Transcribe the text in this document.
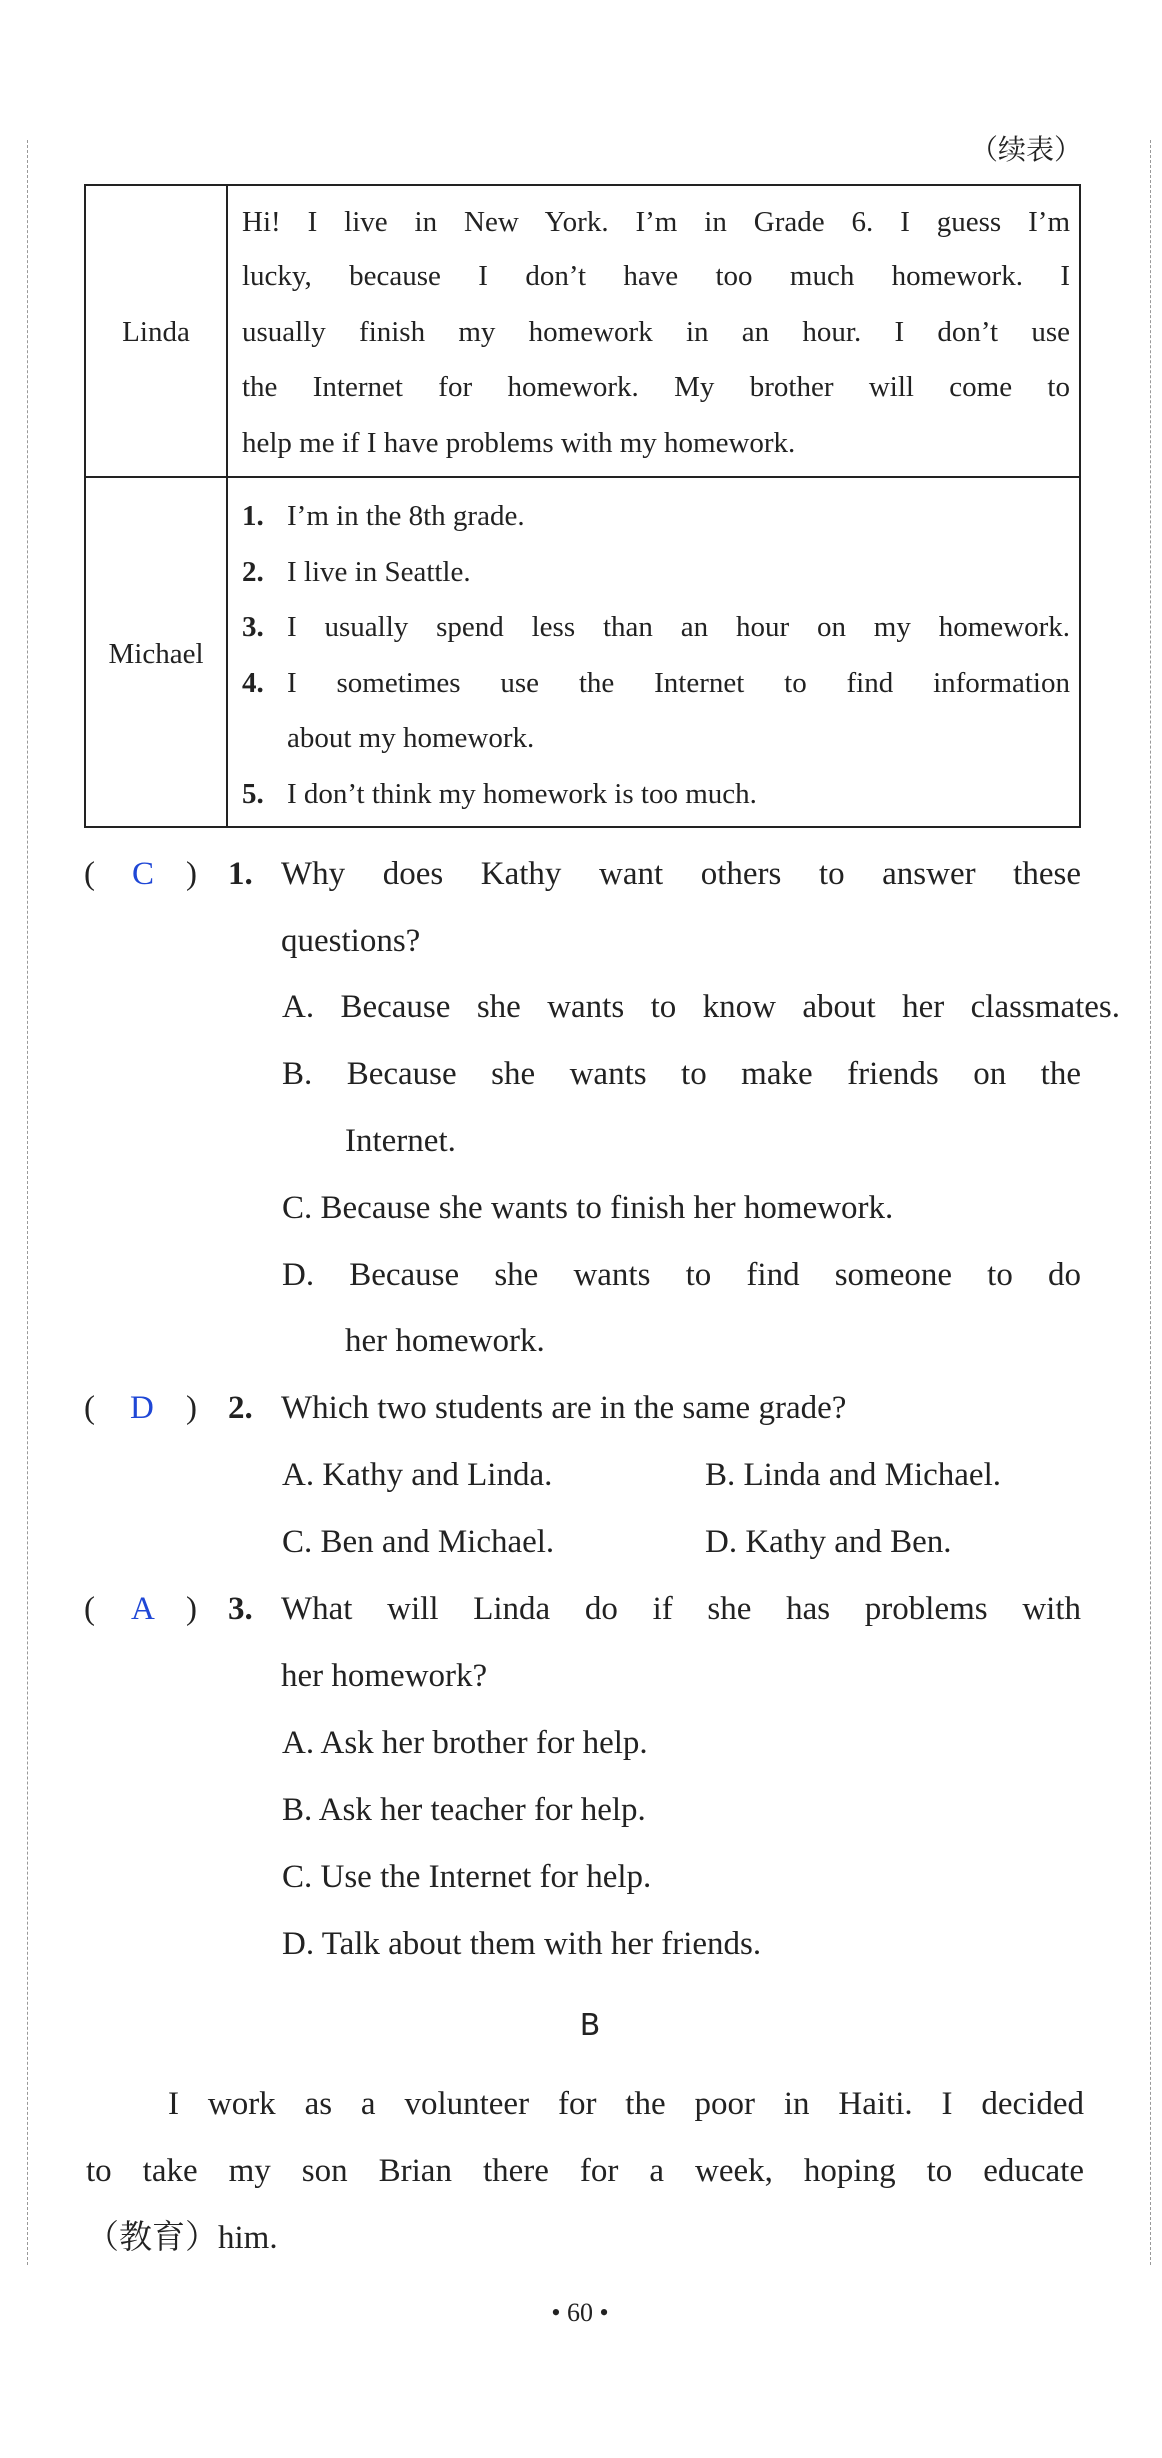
（续表）
Linda
Hi! I live in New York. I’m in Grade 6. I guess I’m
lucky, because I don’t have too much homework. I
usually finish my homework in an hour. I don’t use
the Internet for homework. My brother will come to
help me if I have problems with my homework.
Michael
1. I’m in the 8th grade.
2. I live in Seattle.
3. I usually spend less than an hour on my homework.
4. I sometimes use the Internet to find information
about my homework.
5. I don’t think my homework is too much.
( C ) 1. Why does Kathy want others to answer these
questions?
A. Because she wants to know about her classmates.
B. Because she wants to make friends on the
Internet.
C. Because she wants to finish her homework.
D. Because she wants to find someone to do
her homework.
( D ) 2. Which two students are in the same grade?
A. Kathy and Linda.	B. Linda and Michael.
C. Ben and Michael.	D. Kathy and Ben.
( A ) 3. What will Linda do if she has problems with
her homework?
A. Ask her brother for help.
B. Ask her teacher for help.
C. Use the Internet for help.
D. Talk about them with her friends.
B
I work as a volunteer for the poor in Haiti. I decided
to take my son Brian there for a week, hoping to educate
（教育）him.
• 60 •
